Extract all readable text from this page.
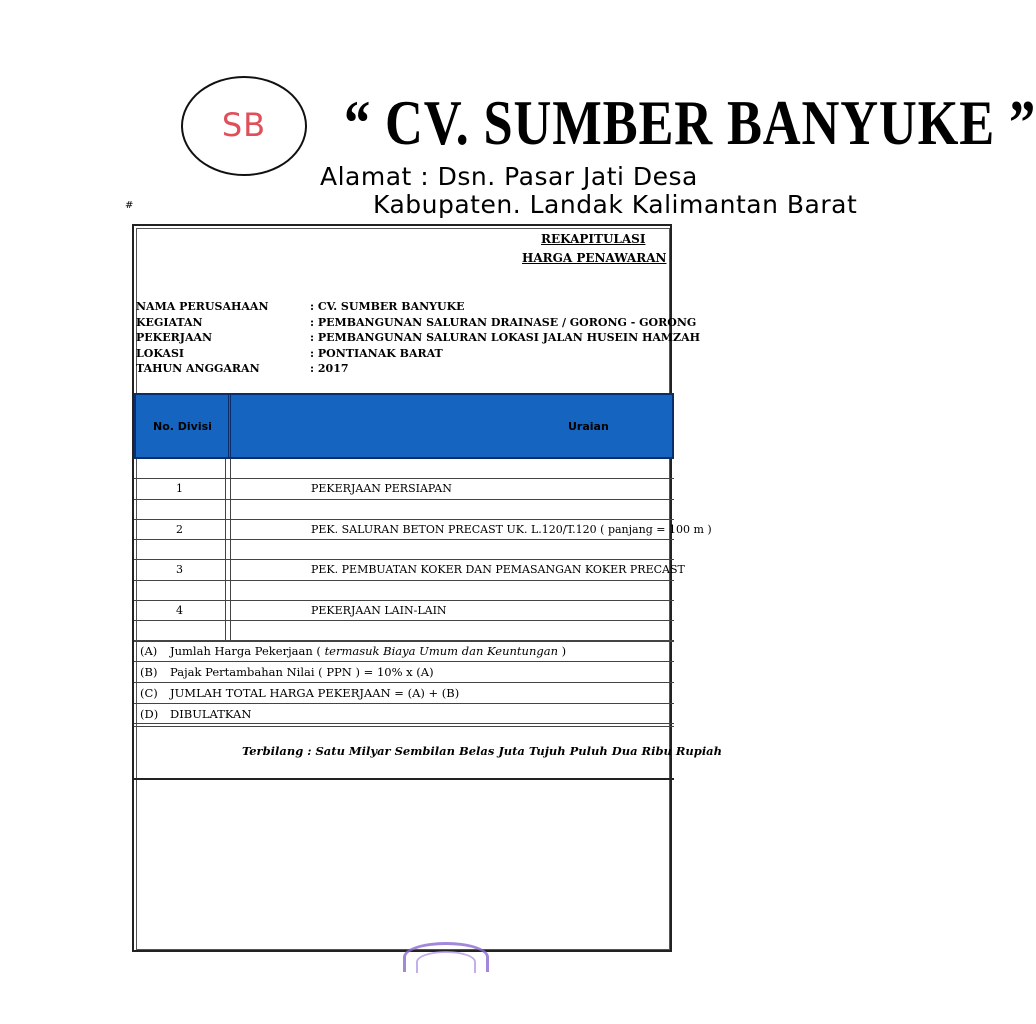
SB	“ CV. SUMBER BANYUKE ”
Alamat : Dsn. Pasar Jati Desa
Kabupaten. Landak Kalimantan Barat
#
REKAPITULASI
HARGA PENAWARAN
NAMA PERUSAHAAN	: CV. SUMBER BANYUKE
KEGIATAN	: PEMBANGUNAN SALURAN DRAINASE / GORONG - GORONG
PEKERJAAN	: PEMBANGUNAN SALURAN LOKASI JALAN HUSEIN HAMZAH
LOKASI	: PONTIANAK BARAT
TAHUN ANGGARAN	: 2017
No. Divisi	Uraian
1	PEKERJAAN PERSIAPAN
2	PEK. SALURAN BETON PRECAST UK. L.120/T.120 ( panjang = 100 m )
3	PEK. PEMBUATAN KOKER DAN PEMASANGAN KOKER PRECAST
4	PEKERJAAN LAIN-LAIN
(A) Jumlah Harga Pekerjaan ( termasuk Biaya Umum dan Keuntungan )
(B) Pajak Pertambahan Nilai ( PPN ) = 10% x (A)
(C) JUMLAH TOTAL HARGA PEKERJAAN = (A) + (B)
(D) DIBULATKAN
Terbilang : Satu Milyar Sembilan Belas Juta Tujuh Puluh Dua Ribu Rupiah
